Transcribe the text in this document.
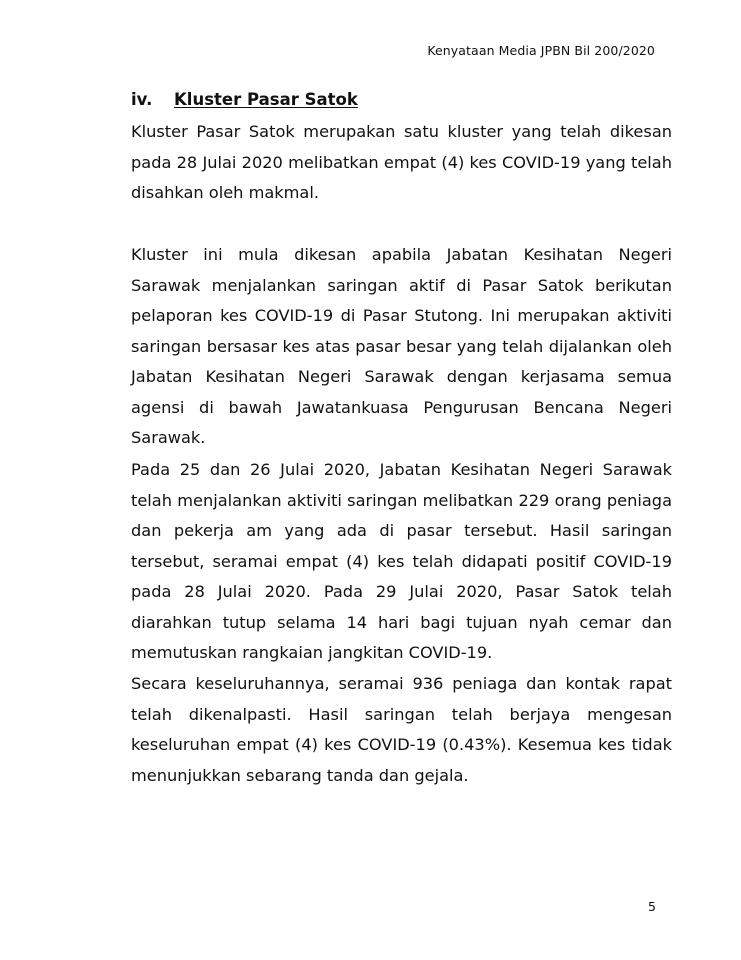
Kenyataan Media JPBN Bil 200/2020
iv. Kluster Pasar Satok

Kluster Pasar Satok merupakan satu kluster yang telah dikesan pada 28 Julai 2020 melibatkan empat (4) kes COVID-19 yang telah disahkan oleh makmal.

Kluster ini mula dikesan apabila Jabatan Kesihatan Negeri Sarawak menjalankan saringan aktif di Pasar Satok berikutan pelaporan kes COVID-19 di Pasar Stutong. Ini merupakan aktiviti saringan bersasar kes atas pasar besar yang telah dijalankan oleh Jabatan Kesihatan Negeri Sarawak dengan kerjasama semua agensi di bawah Jawatankuasa Pengurusan Bencana Negeri Sarawak.

Pada 25 dan 26 Julai 2020, Jabatan Kesihatan Negeri Sarawak telah menjalankan aktiviti saringan melibatkan 229 orang peniaga dan pekerja am yang ada di pasar tersebut. Hasil saringan tersebut, seramai empat (4) kes telah didapati positif COVID-19 pada 28 Julai 2020. Pada 29 Julai 2020, Pasar Satok telah diarahkan tutup selama 14 hari bagi tujuan nyah cemar dan memutuskan rangkaian jangkitan COVID-19.

Secara keseluruhannya, seramai 936 peniaga dan kontak rapat telah dikenalpasti. Hasil saringan telah berjaya mengesan keseluruhan empat (4) kes COVID-19 (0.43%). Kesemua kes tidak menunjukkan sebarang tanda dan gejala.

5
